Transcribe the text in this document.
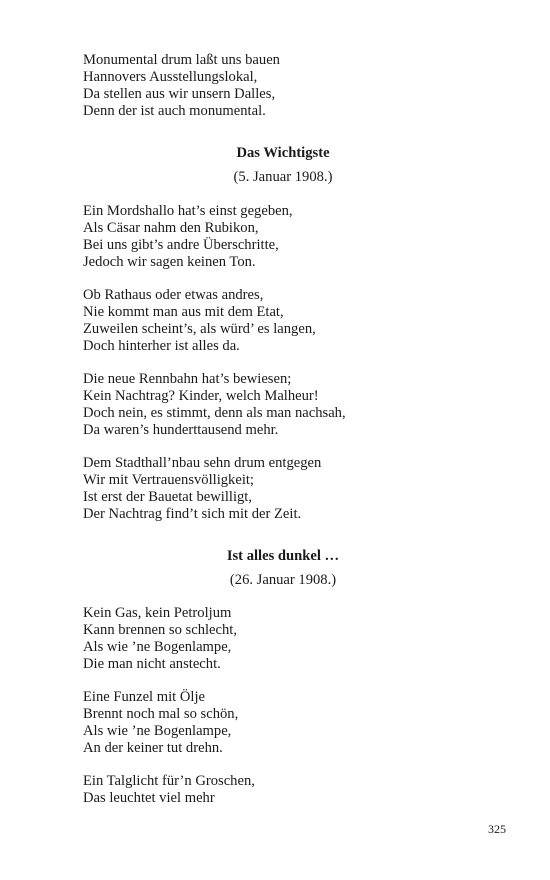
Monumental drum laßt uns bauen
Hannovers Ausstellungslokal,
Da stellen aus wir unsern Dalles,
Denn der ist auch monumental.
Das Wichtigste
(5. Januar 1908.)
Ein Mordshallo hat’s einst gegeben,
Als Cäsar nahm den Rubikon,
Bei uns gibt’s andre Überschritte,
Jedoch wir sagen keinen Ton.
Ob Rathaus oder etwas andres,
Nie kommt man aus mit dem Etat,
Zuweilen scheint’s, als würd’ es langen,
Doch hinterher ist alles da.
Die neue Rennbahn hat’s bewiesen;
Kein Nachtrag? Kinder, welch Malheur!
Doch nein, es stimmt, denn als man nachsah,
Da waren’s hunderttausend mehr.
Dem Stadthall’nbau sehn drum entgegen
Wir mit Vertrauensvölligkeit;
Ist erst der Bauetat bewilligt,
Der Nachtrag find’t sich mit der Zeit.
Ist alles dunkel …
(26. Januar 1908.)
Kein Gas, kein Petroljum
Kann brennen so schlecht,
Als wie ’ne Bogenlampe,
Die man nicht anstecht.
Eine Funzel mit Ölje
Brennt noch mal so schön,
Als wie ’ne Bogenlampe,
An der keiner tut drehn.
Ein Talglicht für’n Groschen,
Das leuchtet viel mehr
325
